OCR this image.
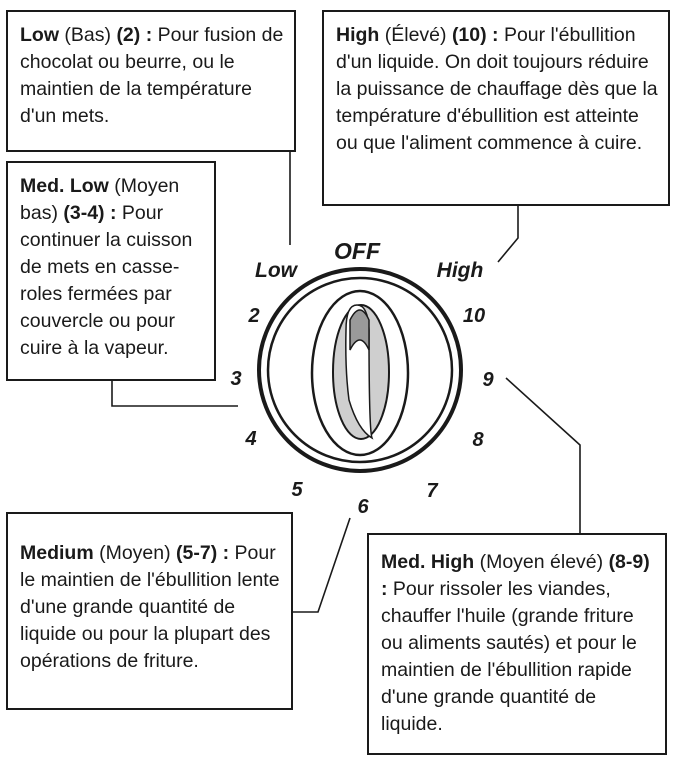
OFF
Low	High
2
3
4
5
6
7
8
9
10
Low (Bas) (2) : Pour fusion de chocolat ou beurre, ou le maintien de la température d'un mets.
High (Élevé) (10) : Pour l'ébullition d'un liquide. On doit toujours réduire la puissance de chauffage dès que la température d'ébullition est atteinte ou que l'aliment commence à cuire.
Med. Low (Moyen bas) (3-4) : Pour continuer la cuisson de mets en casse-roles fermées par couvercle ou pour cuire à la vapeur.
Medium (Moyen) (5-7) : Pour le maintien de l'ébullition lente d'une grande quantité de liquide ou pour la plupart des opérations de friture.
Med. High (Moyen élevé) (8-9) : Pour rissoler les viandes, chauffer l'huile (grande friture ou aliments sautés) et pour le maintien de l'ébullition rapide d'une grande quantité de liquide.
